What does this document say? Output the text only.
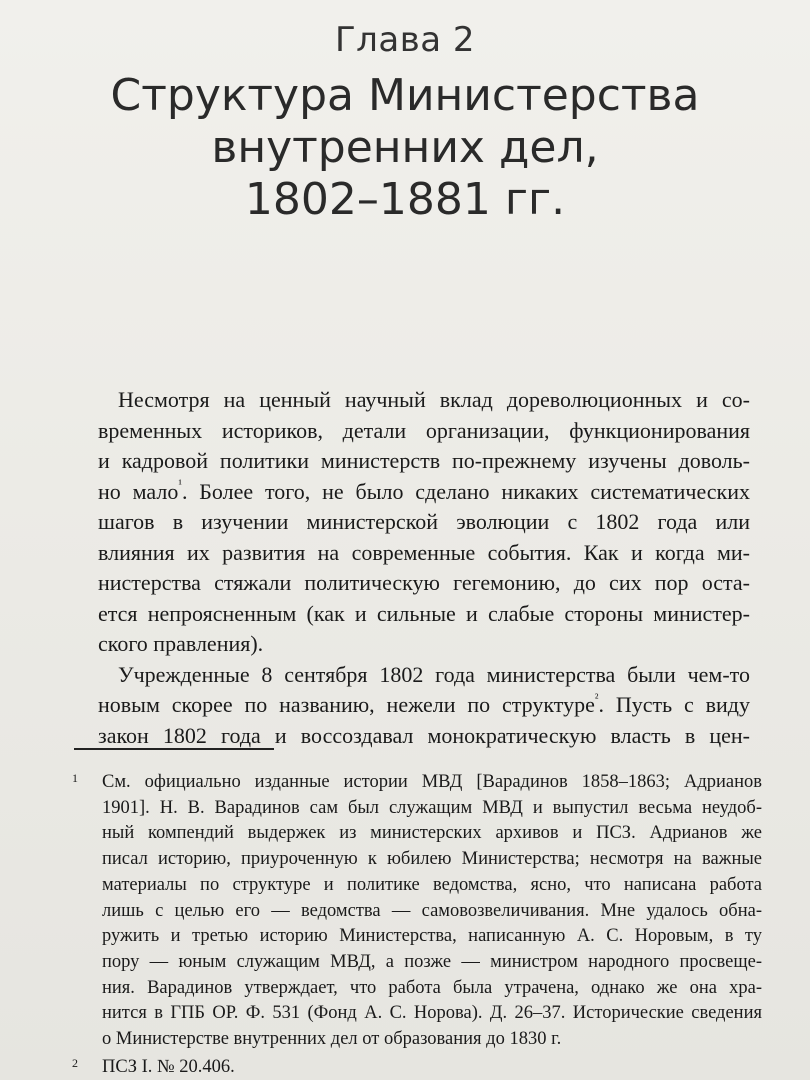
Глава 2
Структура Министерства
внутренних дел,
1802–1881 гг.
Несмотря на ценный научный вклад дореволюционных и со-
временных историков, детали организации, функционирования
и кадровой политики министерств по-прежнему изучены доволь-
но мало$^{^1}$. Более того, не было сделано никаких систематических
шагов в изучении министерской эволюции с 1802 года или
влияния их развития на современные события. Как и когда ми-
нистерства стяжали политическую гегемонию, до сих пор оста-
ется непроясненным (как и сильные и слабые стороны министер-
ского правления).
Учрежденные 8 сентября 1802 года министерства были чем-то
новым скорее по названию, нежели по структуре$^{^2}$. Пусть с виду
закон 1802 года и воссоздавал монократическую власть в цен-
1 См. официально изданные истории МВД [Варадинов 1858–1863; Адрианов
1901]. Н. В. Варадинов сам был служащим МВД и выпустил весьма неудоб-
ный компендий выдержек из министерских архивов и ПСЗ. Адрианов же
писал историю, приуроченную к юбилею Министерства; несмотря на важные
материалы по структуре и политике ведомства, ясно, что написана работа
лишь с целью его — ведомства — самовозвеличивания. Мне удалось обна-
ружить и третью историю Министерства, написанную А. С. Норовым, в ту
пору — юным служащим МВД, а позже — министром народного просвеще-
ния. Варадинов утверждает, что работа была утрачена, однако же она хра-
нится в ГПБ ОР. Ф. 531 (Фонд А. С. Норова). Д. 26–37. Исторические сведения
о Министерстве внутренних дел от образования до 1830 г.
2 ПСЗ I. № 20.406.
